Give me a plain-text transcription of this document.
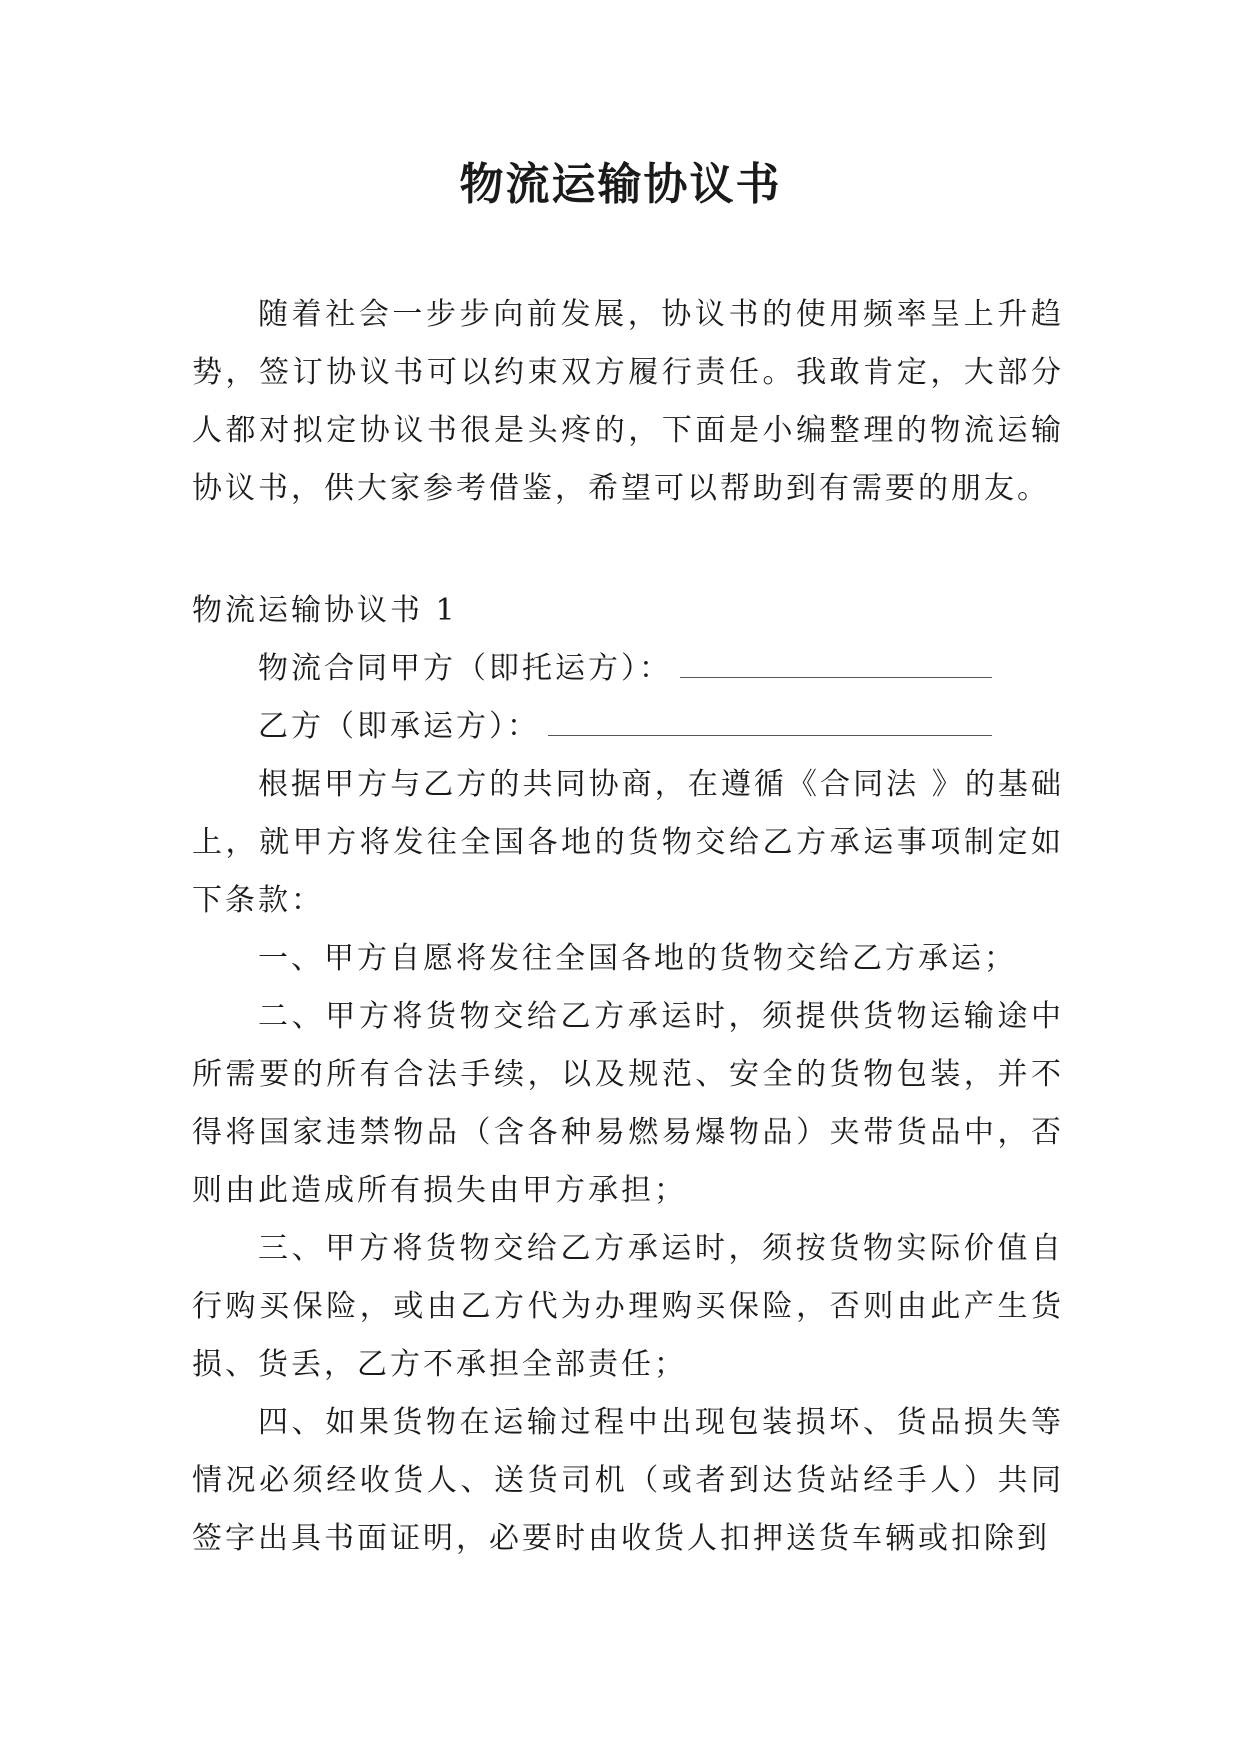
物流运输协议书

随着社会一步步向前发展，协议书的使用频率呈上升趋势，签订协议书可以约束双方履行责任。我敢肯定，大部分人都对拟定协议书很是头疼的，下面是小编整理的物流运输协议书，供大家参考借鉴，希望可以帮助到有需要的朋友。

物流运输协议书 1

物流合同甲方（即托运方）：

乙方（即承运方）：

根据甲方与乙方的共同协商，在遵循《合同法 》的基础上，就甲方将发往全国各地的货物交给乙方承运事项制定如下条款：

一、甲方自愿将发往全国各地的货物交给乙方承运；

二、甲方将货物交给乙方承运时，须提供货物运输途中所需要的所有合法手续，以及规范、安全的货物包装，并不得将国家违禁物品（含各种易燃易爆物品）夹带货品中，否则由此造成所有损失由甲方承担；

三、甲方将货物交给乙方承运时，须按货物实际价值自行购买保险，或由乙方代为办理购买保险，否则由此产生货损、货丢，乙方不承担全部责任；

四、如果货物在运输过程中出现包装损坏、货品损失等情况必须经收货人、送货司机（或者到达货站经手人）共同签字出具书面证明，必要时由收货人扣押送货车辆或扣除到
